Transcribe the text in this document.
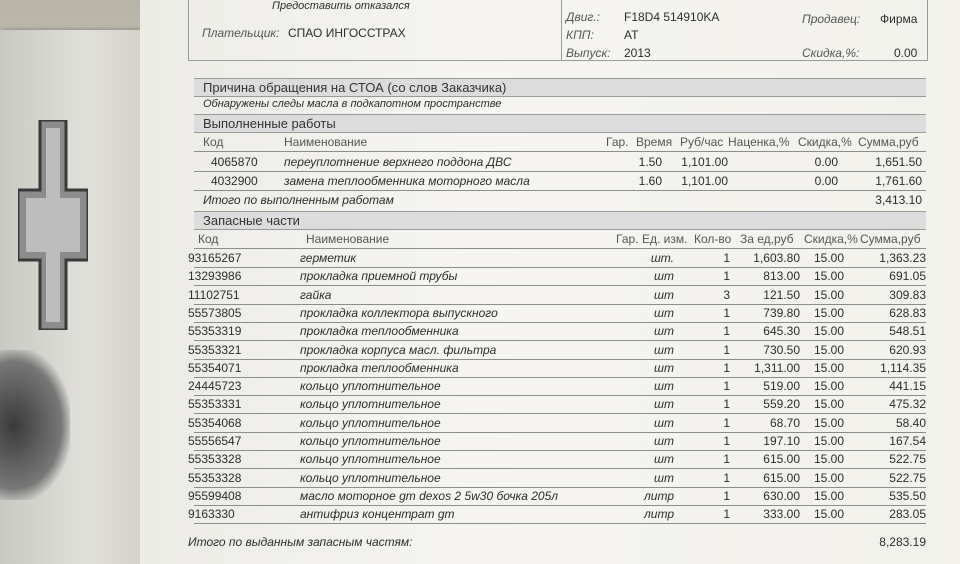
Предоставить отказался
Плательщик: СПАО ИНГОССТРАХ
Двиг.: F18D4 514910KA
КПП:	АТ
Выпуск: 2013
Продавец: Фирма
Скидка,%:	0.00
Причина обращения на СТОА (со слов Заказчика)
Обнаружены следы масла в подкапотном пространстве
Выполненные работы
Код	Наименование	Гар. Время Руб/час Наценка,% Скидка,% Сумма,руб
4065870 переуплотнение верхнего поддона ДВС	1.50	1,101.00	0.00	1,651.50
4032900 замена теплообменника моторного масла	1.60	1,101.00	0.00	1,761.60
Итого по выполненным работам	3,413.10
Запасные части
Код	Наименование	Гар. Ед. изм. Кол-во За ед,руб Скидка,% Сумма,руб
93165267	герметик	шт.	1	1,603.80	15.00	1,363.23
13293986	прокладка приемной трубы	шт	1	813.00	15.00	691.05
11102751	гайка	шт	3	121.50	15.00	309.83
55573805	прокладка коллектора выпускного	шт	1	739.80	15.00	628.83
55353319	прокладка теплообменника	шт	1	645.30	15.00	548.51
55353321	прокладка корпуса масл. фильтра	шт	1	730.50	15.00	620.93
55354071	прокладка теплообменника	шт	1	1,311.00	15.00	1,114.35
24445723	кольцо уплотнительное	шт	1	519.00	15.00	441.15
55353331	кольцо уплотнительное	шт	1	559.20	15.00	475.32
55354068	кольцо уплотнительное	шт	1	68.70	15.00	58.40
55556547	кольцо уплотнительное	шт	1	197.10	15.00	167.54
55353328	кольцо уплотнительное	шт	1	615.00	15.00	522.75
55353328	кольцо уплотнительное	шт	1	615.00	15.00	522.75
95599408	масло моторное gm dexos 2 5w30 бочка 205л	литр	1	630.00	15.00	535.50
9163330	антифриз концентрат gm	литр	1	333.00	15.00	283.05
Итого по выданным запасным частям:	8,283.19
